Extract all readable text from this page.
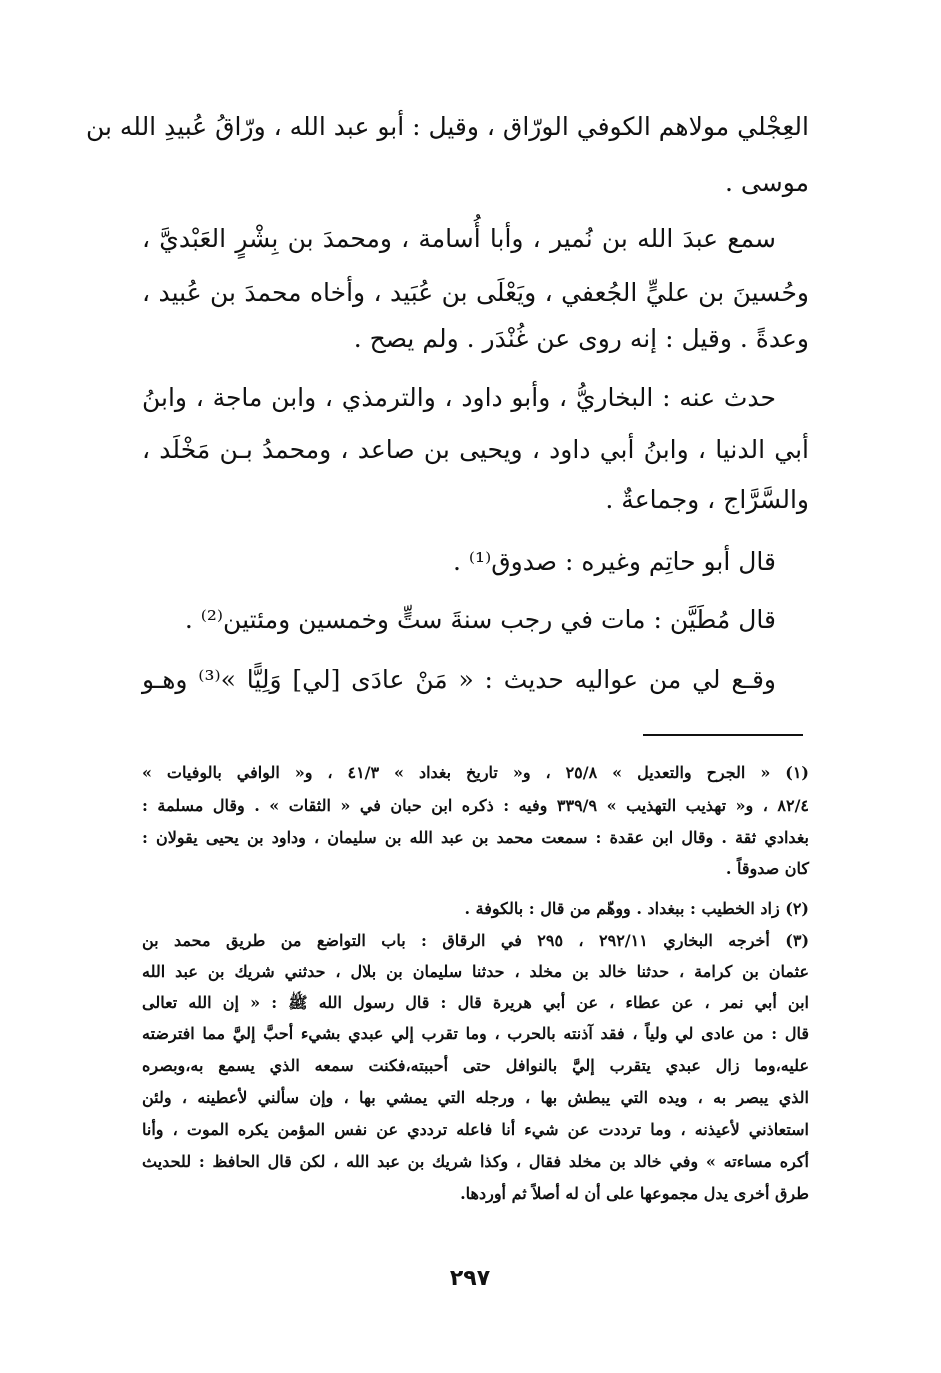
العِجْلي مولاهم الكوفي الورّاق ، وقيل : أبو عبد الله ، ورّاقُ عُبيدِ الله بن
موسى .
سمع عبدَ الله بن نُمير ، وأبا أُسامة ، ومحمدَ بن بِشْرٍ العَبْديَّ ،
وحُسينَ بن عليٍّ الجُعفي ، ويَعْلَى بن عُبَيد ، وأخاه محمدَ بن عُبيد ،
وعدةً . وقيل : إنه روى عن غُنْدَر . ولم يصح .
حدث عنه : البخاريُّ ، وأبو داود ، والترمذي ، وابن ماجة ، وابنُ
أبي الدنيا ، وابنُ أبي داود ، ويحيى بن صاعد ، ومحمدُ بـن مَخْلَد ،
والسَّرَّاج ، وجماعةٌ .
قال أبو حاتِم وغيره : صدوق⁽¹⁾ .
قال مُطَيَّن : مات في رجب سنةَ ستٍّ وخمسين ومئتين⁽²⁾ .
وقـع لي من عواليه حديث : « مَنْ عادَى [لي] وَلِيًّا »⁽³⁾ وهـو
(١) « الجرح والتعديل » ٢٥/٨ ، و« تاريخ بغداد » ٤١/٣ ، و« الوافي بالوفيات »
٨٢/٤ ، و« تهذيب التهذيب » ٣٣٩/٩ وفيه : ذكره ابن حبان في « الثقات » . وقال مسلمة :
بغدادي ثقة . وقال ابن عقدة : سمعت محمد بن عبد الله بن سليمان ، وداود بن يحيى يقولان :
كان صدوقاً .
(٢) زاد الخطيب : ببغداد . ووهّم من قال : بالكوفة .
(٣) أخرجه البخاري ٢٩٢/١١ ، ٢٩٥ في الرقاق : باب التواضع من طريق محمد بن
عثمان بن كرامة ، حدثنا خالد بن مخلد ، حدثنا سليمان بن بلال ، حدثني شريك بن عبد الله
ابن أبي نمر ، عن عطاء ، عن أبي هريرة قال : قال رسول الله ﷺ : « إن الله تعالى
قال : من عادى لي ولياً ، فقد آذنته بالحرب ، وما تقرب إلي عبدي بشيء أحبَّ إليَّ مما افترضته
عليه،وما زال عبدي يتقرب إليَّ بالنوافل حتى أحببته،فكنت سمعه الذي يسمع به،وبصره
الذي يبصر به ، ويده التي يبطش بها ، ورجله التي يمشي بها ، وإن سألني لأعطينه ، ولئن
استعاذني لأعيذنه ، وما ترددت عن شيء أنا فاعله ترددي عن نفس المؤمن يكره الموت ، وأنا
أكره مساءته » وفي خالد بن مخلد فقال ، وكذا شريك بن عبد الله ، لكن قال الحافظ : للحديث
طرق أخرى يدل مجموعها على أن له أصلاً ثم أوردها.
٢٩٧
